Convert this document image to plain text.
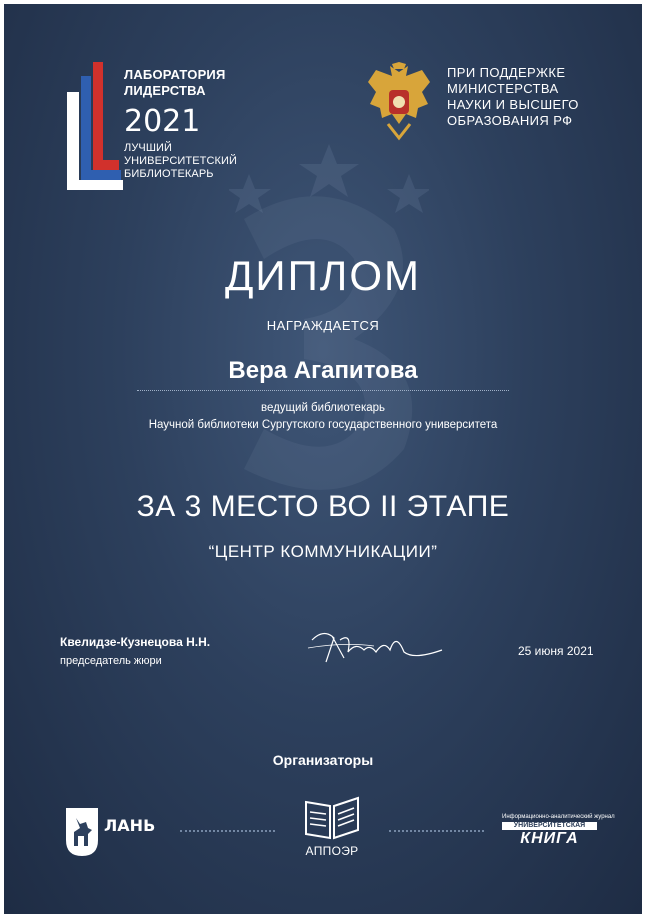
ЛАБОРАТОРИЯ
ЛИДЕРСТВА
2021
ЛУЧШИЙ
УНИВЕРСИТЕТСКИЙ
БИБЛИОТЕКАРЬ
ПРИ ПОДДЕРЖКЕ
МИНИСТЕРСТВА
НАУКИ И ВЫСШЕГО
ОБРАЗОВАНИЯ РФ
ДИПЛОМ
НАГРАЖДАЕТСЯ
Вера Агапитова
ведущий библиотекарь
Научной библиотеки Сургутского государственного университета
ЗА 3 МЕСТО ВО II ЭТАПЕ
“ЦЕНТР КОММУНИКАЦИИ”
Квелидзе-Кузнецова Н.Н.
председатель жюри
25 июня 2021
Организаторы
ЛАНЬ
АППОЭР
Информационно-аналитический журнал
УНИВЕРСИТЕТСКАЯ
КНИГА
